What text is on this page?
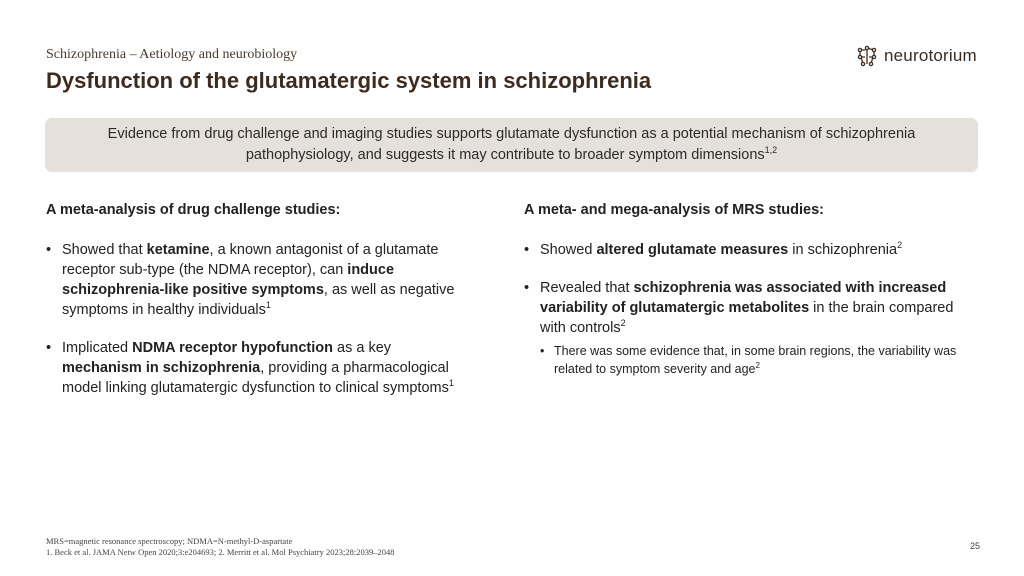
Schizophrenia – Aetiology and neurobiology
Dysfunction of the glutamatergic system in schizophrenia
neurotorium

Evidence from drug challenge and imaging studies supports glutamate dysfunction as a potential mechanism of schizophrenia pathophysiology, and suggests it may contribute to broader symptom dimensions$^{1,2}$

A meta-analysis of drug challenge studies:
• Showed that ketamine, a known antagonist of a glutamate receptor sub-type (the NDMA receptor), can induce schizophrenia-like positive symptoms, as well as negative symptoms in healthy individuals$^1$
• Implicated NDMA receptor hypofunction as a key mechanism in schizophrenia, providing a pharmacological model linking glutamatergic dysfunction to clinical symptoms$^1$
A meta- and mega-analysis of MRS studies:
• Showed altered glutamate measures in schizophrenia$^2$
• Revealed that schizophrenia was associated with increased variability of glutamatergic metabolites in the brain compared with controls$^2$
• There was some evidence that, in some brain regions, the variability was related to symptom severity and age$^2$
MRS=magnetic resonance spectroscopy; NDMA=N-methyl-D-aspartate
1. Beck et al. JAMA Netw Open 2020;3:e204693; 2. Merritt et al. Mol Psychiatry 2023;28:2039–2048
25
